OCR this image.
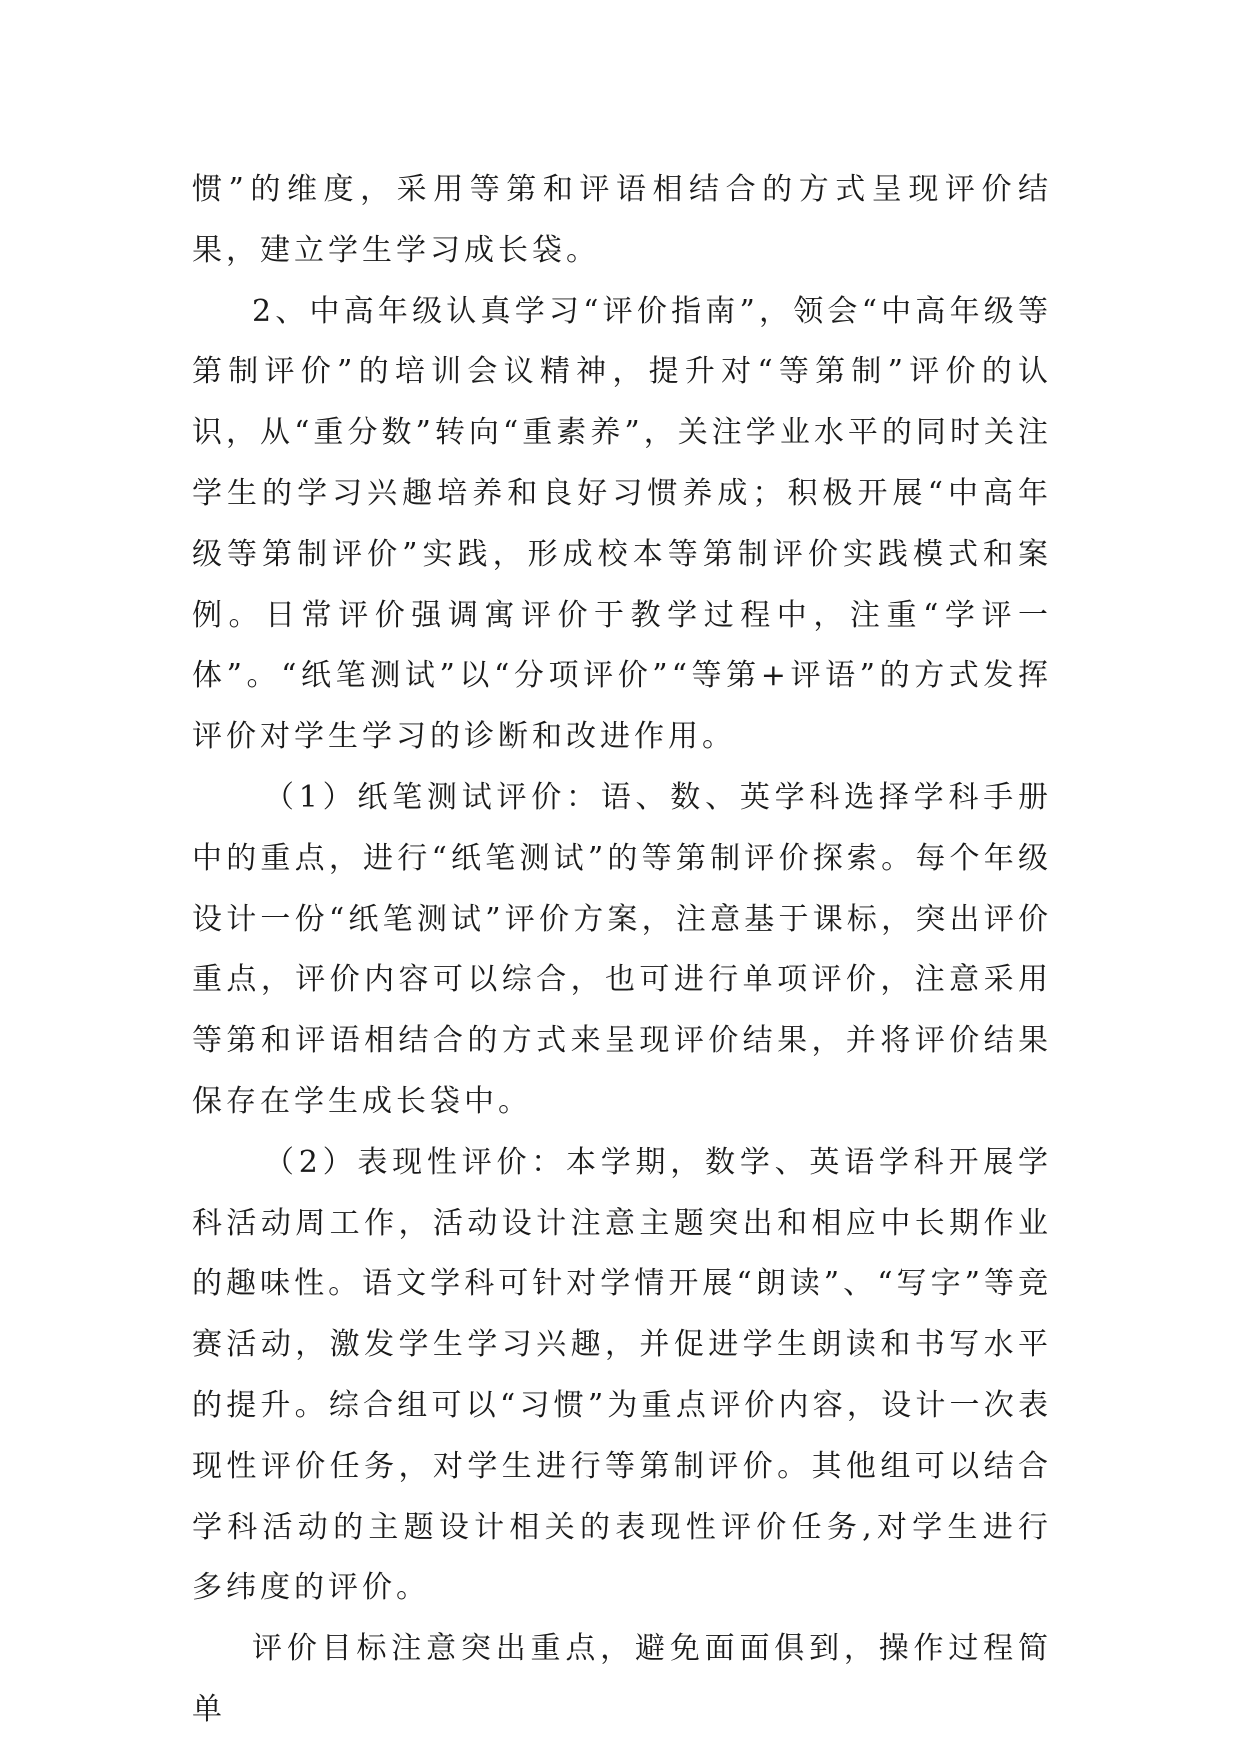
惯”的维度，采用等第和评语相结合的方式呈现评价结果，建立学生学习成长袋。

2、中高年级认真学习“评价指南”，领会“中高年级等第制评价”的培训会议精神，提升对“等第制”评价的认识，从“重分数”转向“重素养”，关注学业水平的同时关注学生的学习兴趣培养和良好习惯养成；积极开展“中高年级等第制评价”实践，形成校本等第制评价实践模式和案例。日常评价强调寓评价于教学过程中，注重“学评一体”。“纸笔测试”以“分项评价”“等第+评语”的方式发挥评价对学生学习的诊断和改进作用。

（1）纸笔测试评价：语、数、英学科选择学科手册中的重点，进行“纸笔测试”的等第制评价探索。每个年级设计一份“纸笔测试”评价方案，注意基于课标，突出评价重点，评价内容可以综合，也可进行单项评价，注意采用等第和评语相结合的方式来呈现评价结果，并将评价结果保存在学生成长袋中。

（2）表现性评价：本学期，数学、英语学科开展学科活动周工作，活动设计注意主题突出和相应中长期作业的趣味性。语文学科可针对学情开展“朗读”、“写字”等竞赛活动，激发学生学习兴趣，并促进学生朗读和书写水平的提升。综合组可以“习惯”为重点评价内容，设计一次表现性评价任务，对学生进行等第制评价。其他组可以结合学科活动的主题设计相关的表现性评价任务,对学生进行多纬度的评价。

评价目标注意突出重点，避免面面俱到，操作过程简单
